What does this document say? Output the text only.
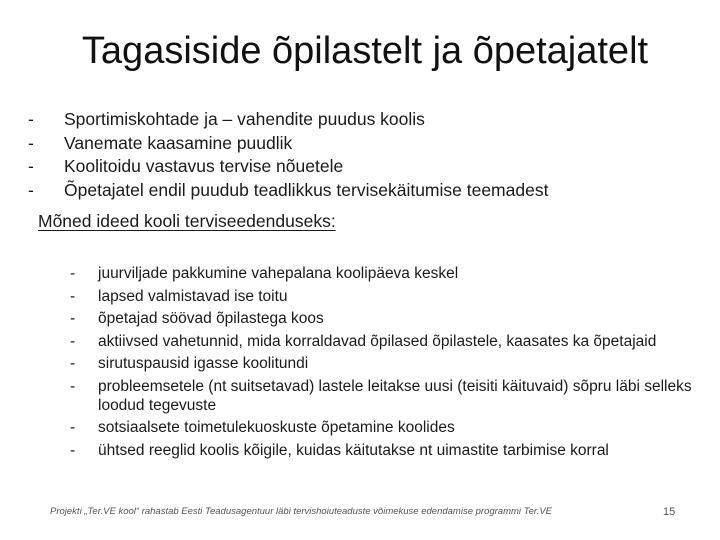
Tagasiside õpilastelt ja õpetajatelt
-	Sportimiskohtade ja – vahendite puudus koolis
-	Vanemate kaasamine puudlik
-	Koolitoidu vastavus tervise nõuetele
-	Õpetajatel endil puudub teadlikkus tervisekäitumise teemadest
Mõned ideed kooli terviseedenduseks:
-	juurviljade pakkumine vahepalana koolipäeva keskel
-	lapsed valmistavad ise toitu
-	õpetajad söövad õpilastega koos
-	aktiivsed vahetunnid, mida korraldavad õpilased õpilastele, kaasates ka õpetajaid
-	sirutuspausid igasse koolitundi
-	probleemsetele (nt suitsetavad) lastele leitakse uusi (teisiti käituvaid) sõpru läbi selleks loodud tegevuste
-	sotsiaalsete toimetulekuoskuste õpetamine koolides
-	ühtsed reeglid koolis kõigile, kuidas käitutakse nt uimastite tarbimise korral
Projekti „Ter.VE kool“ rahastab Eesti Teadusagentuur läbi tervishoiuteaduste võimekuse edendamise programmi Ter.VE	15
